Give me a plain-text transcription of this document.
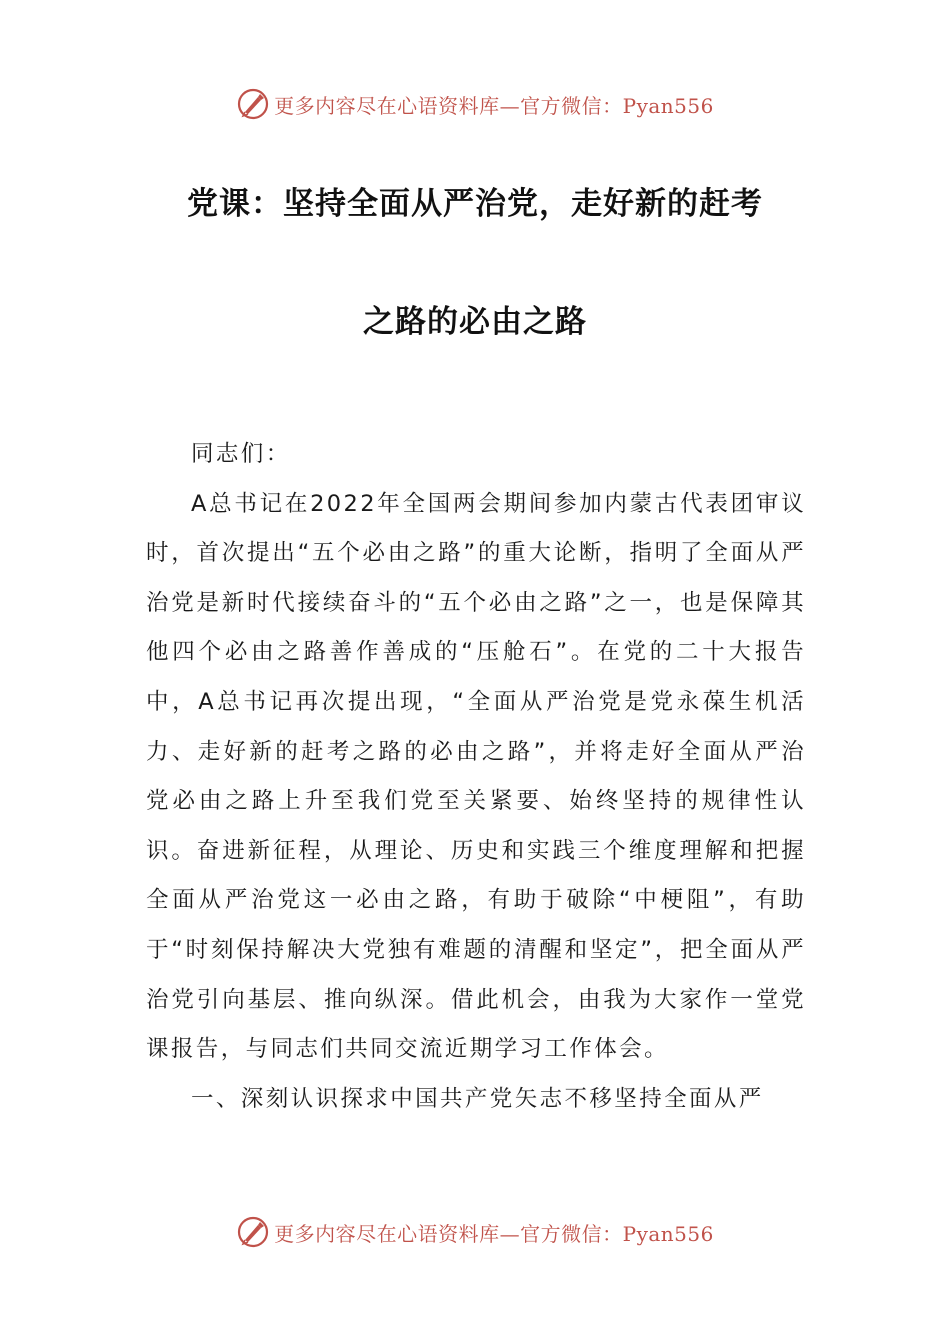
更多内容尽在心语资料库—官方微信：Pyan556
党课：坚持全面从严治党，走好新的赶考
之路的必由之路

同志们：

A总书记在2022年全国两会期间参加内蒙古代表团审议时，首次提出“五个必由之路”的重大论断，指明了全面从严治党是新时代接续奋斗的“五个必由之路”之一，也是保障其他四个必由之路善作善成的“压舱石”。在党的二十大报告中，A总书记再次提出现，“全面从严治党是党永葆生机活力、走好新的赶考之路的必由之路”，并将走好全面从严治党必由之路上升至我们党至关紧要、始终坚持的规律性认识。奋进新征程，从理论、历史和实践三个维度理解和把握全面从严治党这一必由之路，有助于破除“中梗阻”，有助于“时刻保持解决大党独有难题的清醒和坚定”，把全面从严治党引向基层、推向纵深。借此机会，由我为大家作一堂党课报告，与同志们共同交流近期学习工作体会。

一、深刻认识探求中国共产党矢志不移坚持全面从严

更多内容尽在心语资料库—官方微信：Pyan556
